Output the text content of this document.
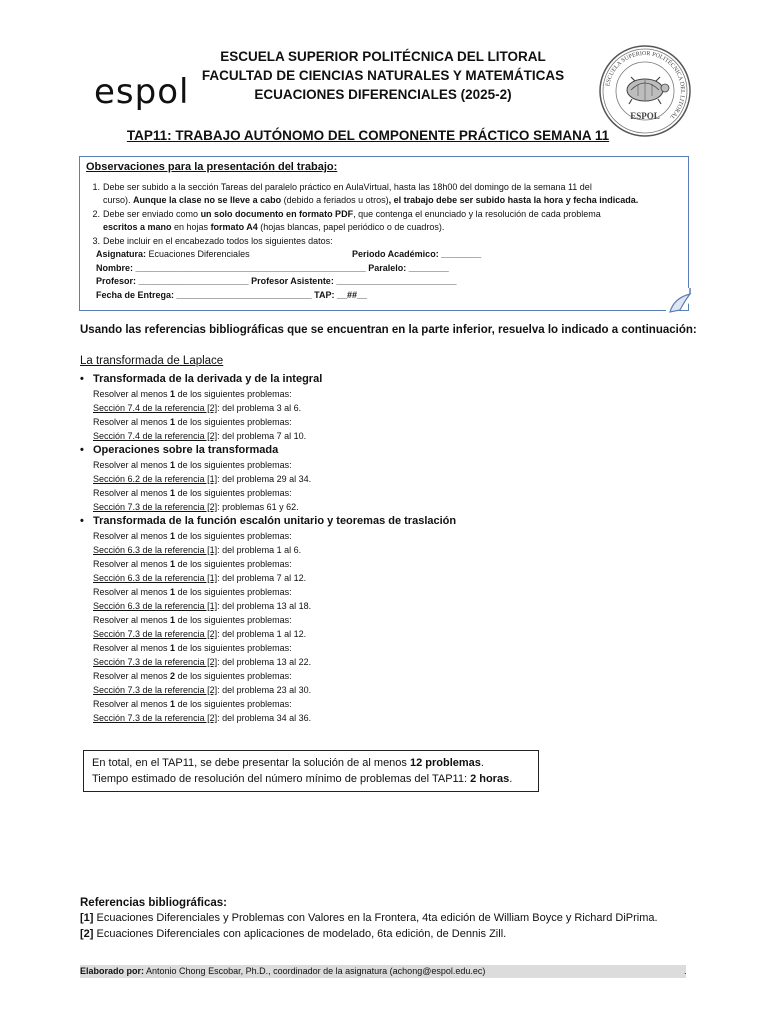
espol
ESCUELA SUPERIOR POLITÉCNICA DEL LITORAL
FACULTAD DE CIENCIAS NATURALES Y MATEMÁTICAS
ECUACIONES DIFERENCIALES (2025-2)
ESCUELA SUPERIOR POLITÉCNICA DEL LITORAL
ESPOL
TAP11: TRABAJO AUTÓNOMO DEL COMPONENTE PRÁCTICO SEMANA 11
Observaciones para la presentación del trabajo:
1. Debe ser subido a la sección Tareas del paralelo práctico en AulaVirtual, hasta las 18h00 del domingo de la semana 11 del
curso). Aunque la clase no se lleve a cabo (debido a feriados u otros), el trabajo debe ser subido hasta la hora y fecha indicada.
2. Debe ser enviado como un solo documento en formato PDF, que contenga el enunciado y la resolución de cada problema
escritos a mano en hojas formato A4 (hojas blancas, papel periódico o de cuadros).
3. Debe incluir en el encabezado todos los siguientes datos:
Asignatura: Ecuaciones Diferenciales	Periodo Académico: ________
Nombre: ______________________________________________ Paralelo: ________
Profesor: ______________________ Profesor Asistente: ________________________
Fecha de Entrega: ___________________________ TAP: __##__
Usando las referencias bibliográficas que se encuentran en la parte inferior, resuelva lo indicado a continuación:
La transformada de Laplace
• Transformada de la derivada y de la integral
Resolver al menos 1 de los siguientes problemas:
Sección 7.4 de la referencia [2]: del problema 3 al 6.
Resolver al menos 1 de los siguientes problemas:
Sección 7.4 de la referencia [2]: del problema 7 al 10.
• Operaciones sobre la transformada
Resolver al menos 1 de los siguientes problemas:
Sección 6.2 de la referencia [1]: del problema 29 al 34.
Resolver al menos 1 de los siguientes problemas:
Sección 7.3 de la referencia [2]: problemas 61 y 62.
• Transformada de la función escalón unitario y teoremas de traslación
Resolver al menos 1 de los siguientes problemas:
Sección 6.3 de la referencia [1]: del problema 1 al 6.
Resolver al menos 1 de los siguientes problemas:
Sección 6.3 de la referencia [1]: del problema 7 al 12.
Resolver al menos 1 de los siguientes problemas:
Sección 6.3 de la referencia [1]: del problema 13 al 18.
Resolver al menos 1 de los siguientes problemas:
Sección 7.3 de la referencia [2]: del problema 1 al 12.
Resolver al menos 1 de los siguientes problemas:
Sección 7.3 de la referencia [2]: del problema 13 al 22.
Resolver al menos 2 de los siguientes problemas:
Sección 7.3 de la referencia [2]: del problema 23 al 30.
Resolver al menos 1 de los siguientes problemas:
Sección 7.3 de la referencia [2]: del problema 34 al 36.
En total, en el TAP11, se debe presentar la solución de al menos 12 problemas.
Tiempo estimado de resolución del número mínimo de problemas del TAP11: 2 horas.
Referencias bibliográficas:
[1] Ecuaciones Diferenciales y Problemas con Valores en la Frontera, 4ta edición de William Boyce y Richard DiPrima.
[2] Ecuaciones Diferenciales con aplicaciones de modelado, 6ta edición, de Dennis Zill.
Elaborado por: Antonio Chong Escobar, Ph.D., coordinador de la asignatura (achong@espol.edu.ec)	.
